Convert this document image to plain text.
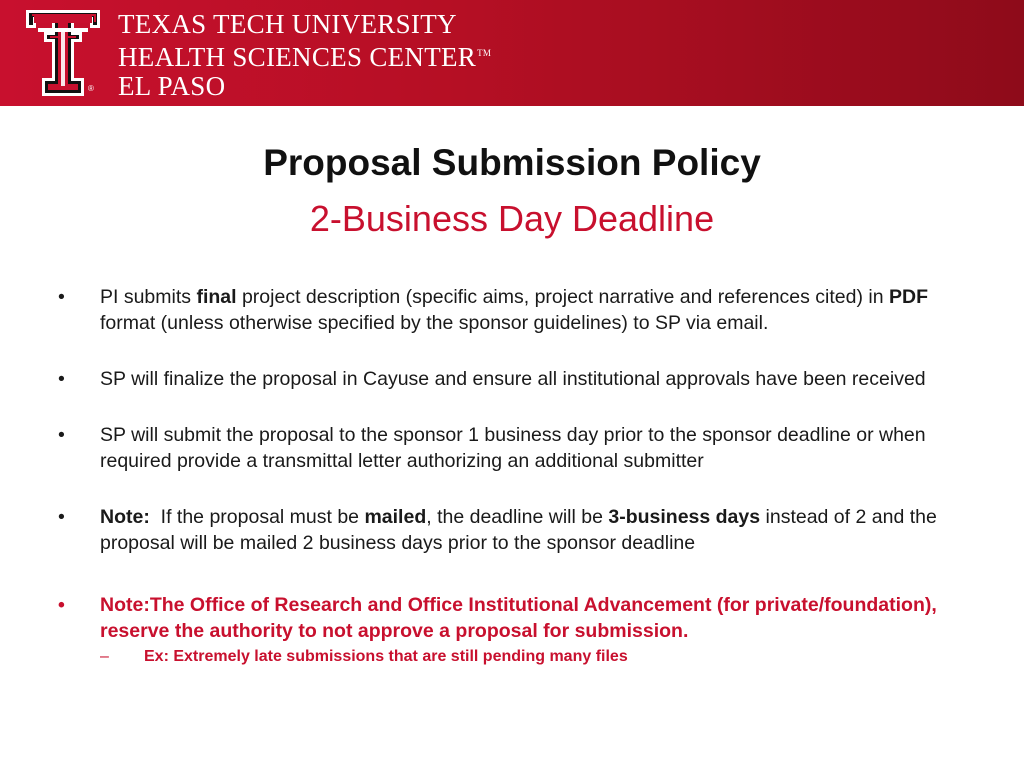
®
TEXAS TECH UNIVERSITY
HEALTH SCIENCES CENTER™
EL PASO
Proposal Submission Policy
2-Business Day Deadline
• PI submits final project description (specific aims, project narrative and references cited) in PDF format (unless otherwise specified by the sponsor guidelines) to SP via email.
• SP will finalize the proposal in Cayuse and ensure all institutional approvals have been received
• SP will submit the proposal to the sponsor 1 business day prior to the sponsor deadline or when required provide a transmittal letter authorizing an additional submitter
• Note:  If the proposal must be mailed, the deadline will be 3-business days instead of 2 and the proposal will be mailed 2 business days prior to the sponsor deadline
• Note:The Office of Research and Office Institutional Advancement (for private/foundation), reserve the authority to not approve a proposal for submission.
– Ex: Extremely late submissions that are still pending many files
